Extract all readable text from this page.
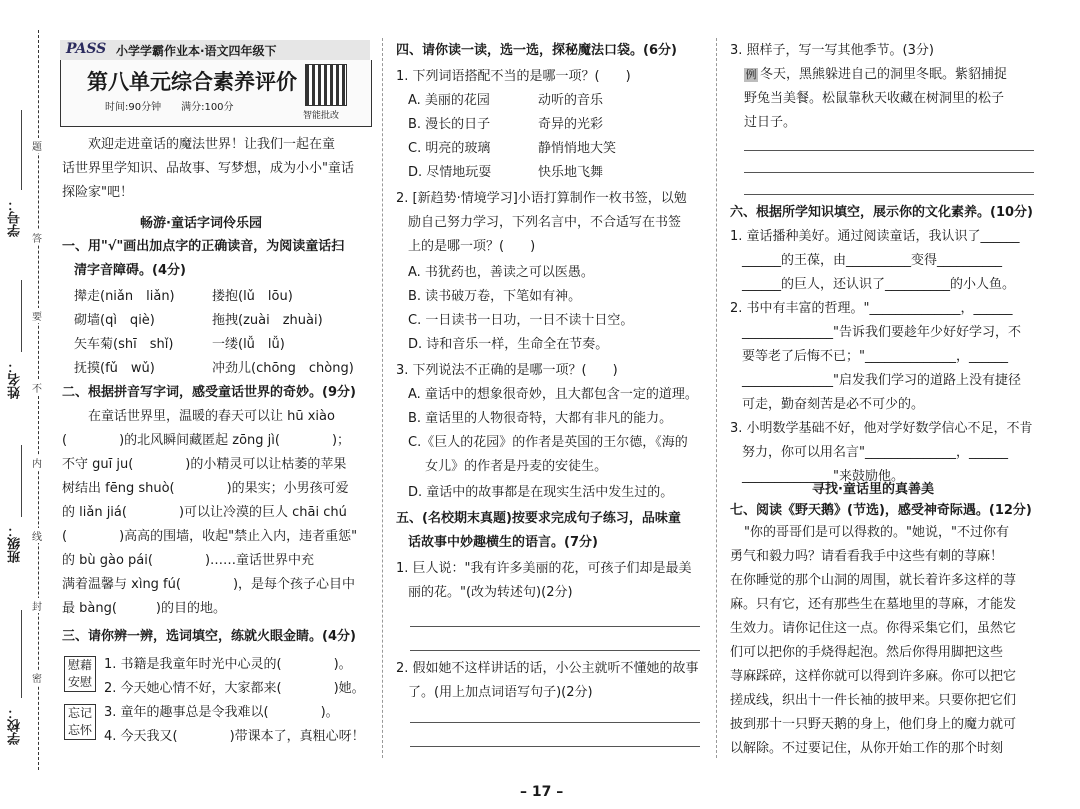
题
答
要
不
内
线
封
密
学号：
姓名：
班级：
学校：
PASS 小学学霸作业本·语文四年级下
第八单元综合素养评价
时间:90分钟　　满分:100分
智能批改
欢迎走进童话的魔法世界！让我们一起在童
话世界里学知识、品故事、写梦想，成为小小"童话
探险家"吧！
畅游·童话字词伶乐园
一、用"√"画出加点字的正确读音，为阅读童话扫
清字音障碍。(4分)
撵走(niǎn　liǎn)	搂抱(lǔ　lōu)
砌墙(qì　qiè)	拖拽(zuài　zhuài)
矢车菊(shī　shǐ)	一缕(lǚ　lǚ)
抚摸(fǔ　wǔ)	冲劲儿(chōng　chòng)
二、根据拼音写字词，感受童话世界的奇妙。(9分)
在童话世界里，温暖的春天可以让 hū xiào
(　　　　)的北风瞬间藏匿起 zōng jì(　　　　)；
不守 guī ju(　　　　)的小精灵可以让枯萎的苹果
树结出 fēng shuò(　　　　)的果实；小男孩可爱
的 liǎn jiá(　　　　)可以让冷漠的巨人 chāi chú
(　　　　)高高的围墙，收起"禁止入内，违者重惩"
的 bù gào pái(　　　　)……童话世界中充
满着温馨与 xìng fú(　　　　)，是每个孩子心目中
最 bàng(　　　)的目的地。
三、请你辨一辨，选词填空，练就火眼金睛。(4分)
慰藉
安慰
忘记
忘怀
1. 书籍是我童年时光中心灵的(　　　　)。
2. 今天她心情不好，大家都来(　　　　)她。
3. 童年的趣事总是令我难以(　　　　)。
4. 今天我又(　　　　)带课本了，真粗心呀！
四、请你读一读，选一选，探秘魔法口袋。(6分)
1. 下列词语搭配不当的是哪一项？(　　)
A. 美丽的花园	动听的音乐
B. 漫长的日子	奇异的光彩
C. 明亮的玻璃	静悄悄地大笑
D. 尽情地玩耍	快乐地飞舞
2. [新趋势·情境学习]小语打算制作一枚书签，以勉
励自己努力学习，下列名言中，不合适写在书签
上的是哪一项？(　　)
A. 书犹药也，善读之可以医愚。
B. 读书破万卷，下笔如有神。
C. 一日读书一日功，一日不读十日空。
D. 诗和音乐一样，生命全在节奏。
3. 下列说法不正确的是哪一项？(　　)
A. 童话中的想象很奇妙，且大都包含一定的道理。
B. 童话里的人物很奇特，大都有非凡的能力。
C.《巨人的花园》的作者是英国的王尔德，《海的
　 女儿》的作者是丹麦的安徒生。
D. 童话中的故事都是在现实生活中发生过的。
五、(名校期末真题)按要求完成句子练习，品味童
话故事中妙趣横生的语言。(7分)
1. 巨人说："我有许多美丽的花，可孩子们却是最美
丽的花。"(改为转述句)(2分)
2. 假如她不这样讲话的话，小公主就听不懂她的故事
了。(用上加点词语写句子)(2分)
3. 照样子，写一写其他季节。(3分)
例 冬天，黑熊躲进自己的洞里冬眠。紫貂捕捉
野兔当美餐。松鼠靠秋天收藏在树洞里的松子
过日子。
六、根据所学知识填空，展示你的文化素养。(10分)
1. 童话播种美好。通过阅读童话，我认识了______
______的王葆，由__________变得__________
______的巨人，还认识了__________的小人鱼。
2. 书中有丰富的哲理。"______________，______
______________"告诉我们要趁年少好好学习，不
要等老了后悔不已；"______________，______
______________"启发我们学习的道路上没有捷径
可走，勤奋刻苦是必不可少的。
3. 小明数学基础不好，他对学好数学信心不足，不肯
努力，你可以用名言"______________，______
______________"来鼓励他。
寻找·童话里的真善美
七、阅读《野天鹅》(节选)，感受神奇际遇。(12分)
"你的哥哥们是可以得救的。"她说，"不过你有
勇气和毅力吗？请看看我手中这些有刺的荨麻！
在你睡觉的那个山洞的周围，就长着许多这样的荨
麻。只有它，还有那些生在墓地里的荨麻，才能发
生效力。请你记住这一点。你得采集它们，虽然它
们可以把你的手烧得起泡。然后你得用脚把这些
荨麻踩碎，这样你就可以得到许多麻。你可以把它
搓成线，织出十一件长袖的披甲来。只要你把它们
披到那十一只野天鹅的身上，他们身上的魔力就可
以解除。不过要记住，从你开始工作的那个时刻
– 17 –
